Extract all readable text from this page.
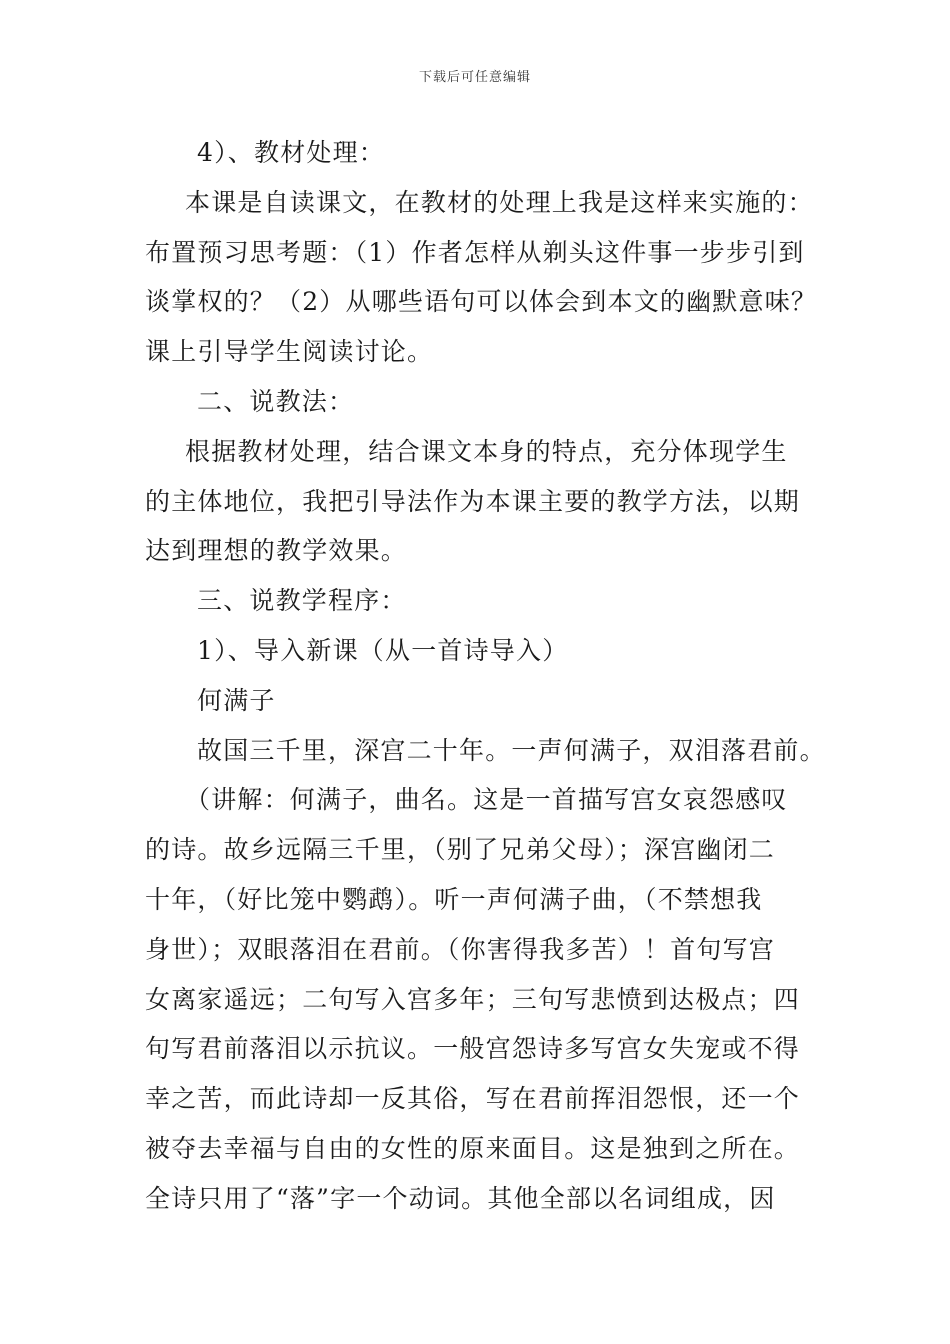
下载后可任意编辑
4）、教材处理：
本课是自读课文，在教材的处理上我是这样来实施的：
布置预习思考题：（1）作者怎样从剃头这件事一步步引到
谈掌权的？（2）从哪些语句可以体会到本文的幽默意味？
课上引导学生阅读讨论。
二、说教法：
根据教材处理，结合课文本身的特点，充分体现学生
的主体地位，我把引导法作为本课主要的教学方法，以期
达到理想的教学效果。
三、说教学程序：
1）、导入新课（从一首诗导入）
何满子
故国三千里，深宫二十年。一声何满子，双泪落君前。
（讲解：何满子，曲名。这是一首描写宫女哀怨感叹
的诗。故乡远隔三千里，（别了兄弟父母）；深宫幽闭二
十年，（好比笼中鹦鹉）。听一声何满子曲，（不禁想我
身世）；双眼落泪在君前。（你害得我多苦）！首句写宫
女离家遥远；二句写入宫多年；三句写悲愤到达极点；四
句写君前落泪以示抗议。一般宫怨诗多写宫女失宠或不得
幸之苦，而此诗却一反其俗，写在君前挥泪怨恨，还一个
被夺去幸福与自由的女性的原来面目。这是独到之所在。
全诗只用了“落”字一个动词。其他全部以名词组成，因
